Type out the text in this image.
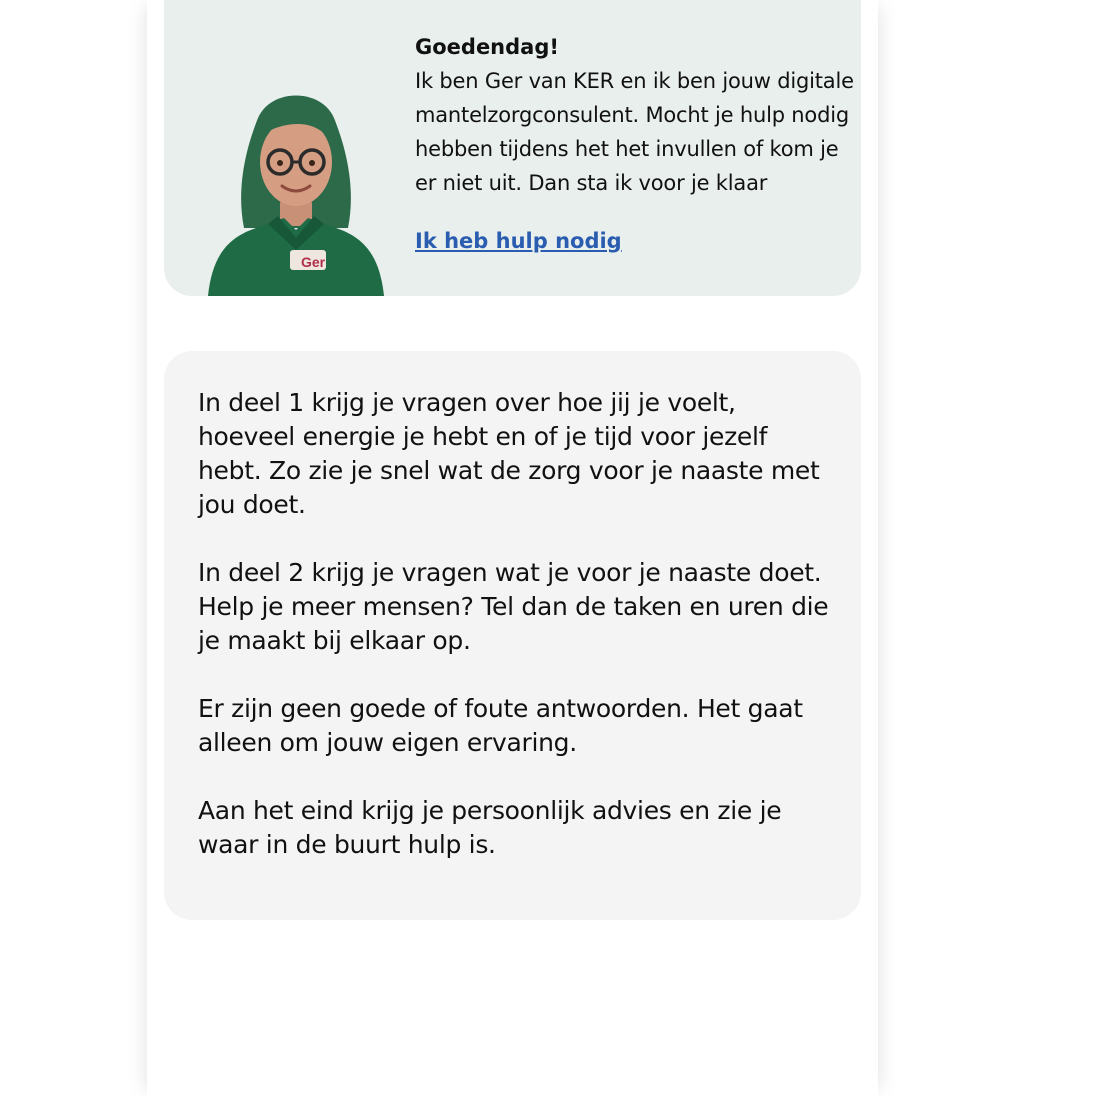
Ger

Goedendag!

Ik ben Ger van KER en ik ben jouw digitale mantelzorgconsulent. Mocht je hulp nodig hebben tijdens het het invullen of kom je er niet uit. Dan sta ik voor je klaar

Ik heb hulp nodig

In deel 1 krijg je vragen over hoe jij je voelt, hoeveel energie je hebt en of je tijd voor jezelf hebt. Zo zie je snel wat de zorg voor je naaste met jou doet.

In deel 2 krijg je vragen wat je voor je naaste doet. Help je meer mensen? Tel dan de taken en uren die je maakt bij elkaar op.

Er zijn geen goede of foute antwoorden. Het gaat alleen om jouw eigen ervaring.

Aan het eind krijg je persoonlijk advies en zie je waar in de buurt hulp is.
